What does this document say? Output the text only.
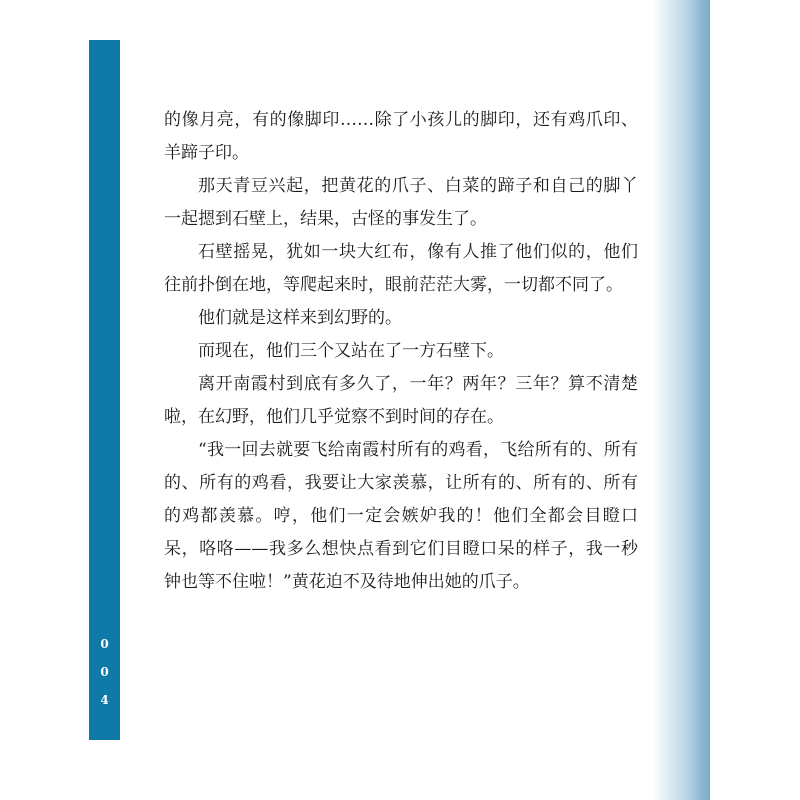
0
0
4

的像月亮，有的像脚印……除了小孩儿的脚印，还有鸡爪印、羊蹄子印。

那天青豆兴起，把黄花的爪子、白菜的蹄子和自己的脚丫一起摁到石壁上，结果，古怪的事发生了。

石壁摇晃，犹如一块大红布，像有人推了他们似的，他们往前扑倒在地，等爬起来时，眼前茫茫大雾，一切都不同了。

他们就是这样来到幻野的。

而现在，他们三个又站在了一方石壁下。

离开南霞村到底有多久了，一年？两年？三年？算不清楚啦，在幻野，他们几乎觉察不到时间的存在。

“我一回去就要飞给南霞村所有的鸡看，飞给所有的、所有的、所有的鸡看，我要让大家羡慕，让所有的、所有的、所有的鸡都羡慕。哼，他们一定会嫉妒我的！他们全都会目瞪口呆，咯咯——我多么想快点看到它们目瞪口呆的样子，我一秒钟也等不住啦！”黄花迫不及待地伸出她的爪子。
